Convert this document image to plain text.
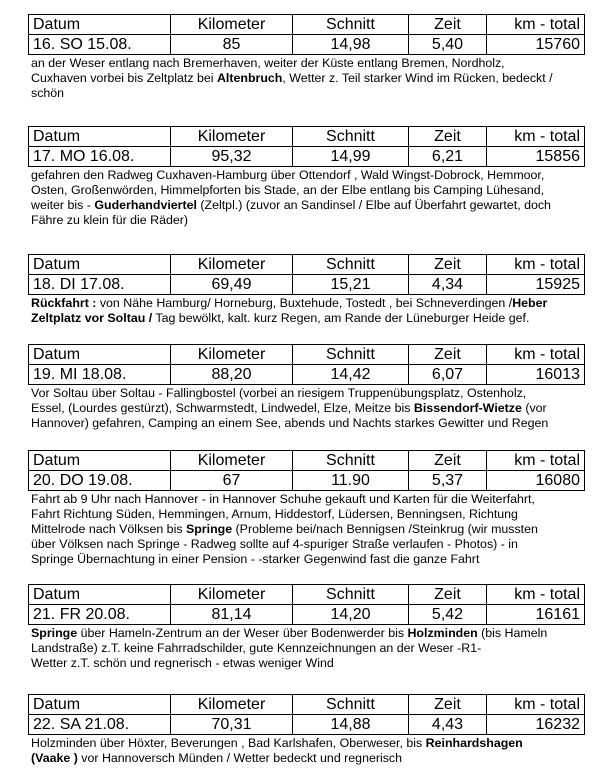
Datum	Kilometer	Schnitt	Zeit	km - total
16. SO 15.08.	85	14,98	5,40	15760
an der Weser entlang nach Bremerhaven, weiter der Küste entlang Bremen, Nordholz,
Cuxhaven vorbei bis Zeltplatz bei Altenbruch, Wetter z. Teil starker Wind im Rücken, bedeckt /
schön
Datum	Kilometer	Schnitt	Zeit	km - total
17. MO 16.08.	95,32	14,99	6,21	15856
gefahren den Radweg Cuxhaven-Hamburg über Ottendorf , Wald Wingst-Dobrock, Hemmoor,
Osten, Großenwörden, Himmelpforten bis Stade, an der Elbe entlang bis Camping Lühesand,
weiter bis - Guderhandviertel (Zeltpl.) (zuvor an Sandinsel / Elbe auf Überfahrt gewartet, doch
Fähre zu klein für die Räder)
Datum	Kilometer	Schnitt	Zeit	km - total
18. DI 17.08.	69,49	15,21	4,34	15925
Rückfahrt : von Nähe Hamburg/ Horneburg, Buxtehude, Tostedt , bei Schneverdingen /Heber
Zeltplatz vor Soltau / Tag bewölkt, kalt. kurz Regen, am Rande der Lüneburger Heide gef.
Datum	Kilometer	Schnitt	Zeit	km - total
19. MI 18.08.	88,20	14,42	6,07	16013
Vor Soltau über Soltau - Fallingbostel (vorbei an riesigem Truppenübungsplatz, Ostenholz,
Essel, (Lourdes gestürzt), Schwarmstedt, Lindwedel, Elze, Meitze bis Bissendorf-Wietze (vor
Hannover) gefahren, Camping an einem See, abends und Nachts starkes Gewitter und Regen
Datum	Kilometer	Schnitt	Zeit	km - total
20. DO 19.08.	67	11.90	5,37	16080
Fahrt ab 9 Uhr nach Hannover - in Hannover Schuhe gekauft und Karten für die Weiterfahrt,
Fahrt Richtung Süden, Hemmingen, Arnum, Hiddestorf, Lüdersen, Benningsen, Richtung
Mittelrode nach Völksen bis Springe (Probleme bei/nach Bennigsen /Steinkrug (wir mussten
über Völksen nach Springe - Radweg sollte auf 4-spuriger Straße verlaufen - Photos) - in
Springe Übernachtung in einer Pension - -starker Gegenwind fast die ganze Fahrt
Datum	Kilometer	Schnitt	Zeit	km - total
21. FR 20.08.	81,14	14,20	5,42	16161
Springe über Hameln-Zentrum an der Weser über Bodenwerder bis Holzminden (bis Hameln
Landstraße) z.T. keine Fahrradschilder, gute Kennzeichnungen an der Weser -R1-
Wetter z.T. schön und regnerisch - etwas weniger Wind
Datum	Kilometer	Schnitt	Zeit	km - total
22. SA 21.08.	70,31	14,88	4,43	16232
Holzminden über Höxter, Beverungen , Bad Karlshafen, Oberweser, bis Reinhardshagen
(Vaake ) vor Hannoversch Münden / Wetter bedeckt und regnerisch
